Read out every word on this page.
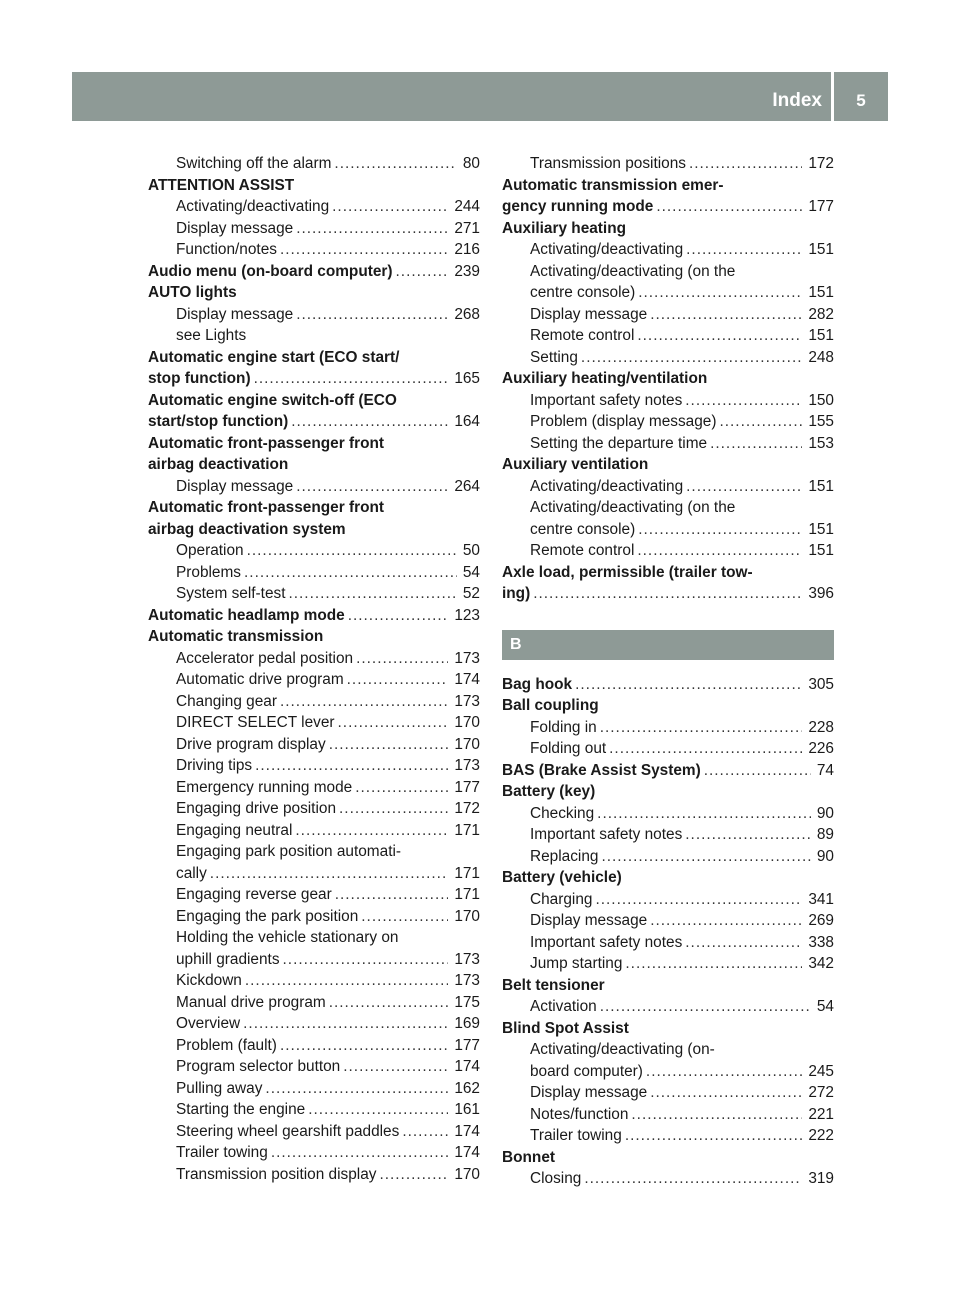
Index	5
Switching off the alarm .....	80
ATTENTION ASSIST
Activating/deactivating .....	244
Display message .....	271
Function/notes .....	216
Audio menu (on-board computer) .....	239
AUTO lights
Display message .....	268
see Lights
Automatic engine start (ECO start/
stop function) .....	165
Automatic engine switch-off (ECO
start/stop function) .....	164
Automatic front-passenger front
airbag deactivation
Display message .....	264
Automatic front-passenger front
airbag deactivation system
Operation .....	50
Problems .....	54
System self-test .....	52
Automatic headlamp mode .....	123
Automatic transmission
Accelerator pedal position .....	173
Automatic drive program .....	174
Changing gear .....	173
DIRECT SELECT lever .....	170
Drive program display .....	170
Driving tips .....	173
Emergency running mode .....	177
Engaging drive position .....	172
Engaging neutral .....	171
Engaging park position automati-
cally .....	171
Engaging reverse gear .....	171
Engaging the park position .....	170
Holding the vehicle stationary on
uphill gradients .....	173
Kickdown .....	173
Manual drive program .....	175
Overview .....	169
Problem (fault) .....	177
Program selector button .....	174
Pulling away .....	162
Starting the engine .....	161
Steering wheel gearshift paddles .....	174
Trailer towing .....	174
Transmission position display .....	170
Transmission positions .....	172
Automatic transmission emer-
gency running mode .....	177
Auxiliary heating
Activating/deactivating .....	151
Activating/deactivating (on the
centre console) .....	151
Display message .....	282
Remote control .....	151
Setting .....	248
Auxiliary heating/ventilation
Important safety notes .....	150
Problem (display message) .....	155
Setting the departure time .....	153
Auxiliary ventilation
Activating/deactivating .....	151
Activating/deactivating (on the
centre console) .....	151
Remote control .....	151
Axle load, permissible (trailer tow-
ing) .....	396
B
Bag hook .....	305
Ball coupling
Folding in .....	228
Folding out .....	226
BAS (Brake Assist System) .....	74
Battery (key)
Checking .....	90
Important safety notes .....	89
Replacing .....	90
Battery (vehicle)
Charging .....	341
Display message .....	269
Important safety notes .....	338
Jump starting .....	342
Belt tensioner
Activation .....	54
Blind Spot Assist
Activating/deactivating (on-
board computer) .....	245
Display message .....	272
Notes/function .....	221
Trailer towing .....	222
Bonnet
Closing .....	319
